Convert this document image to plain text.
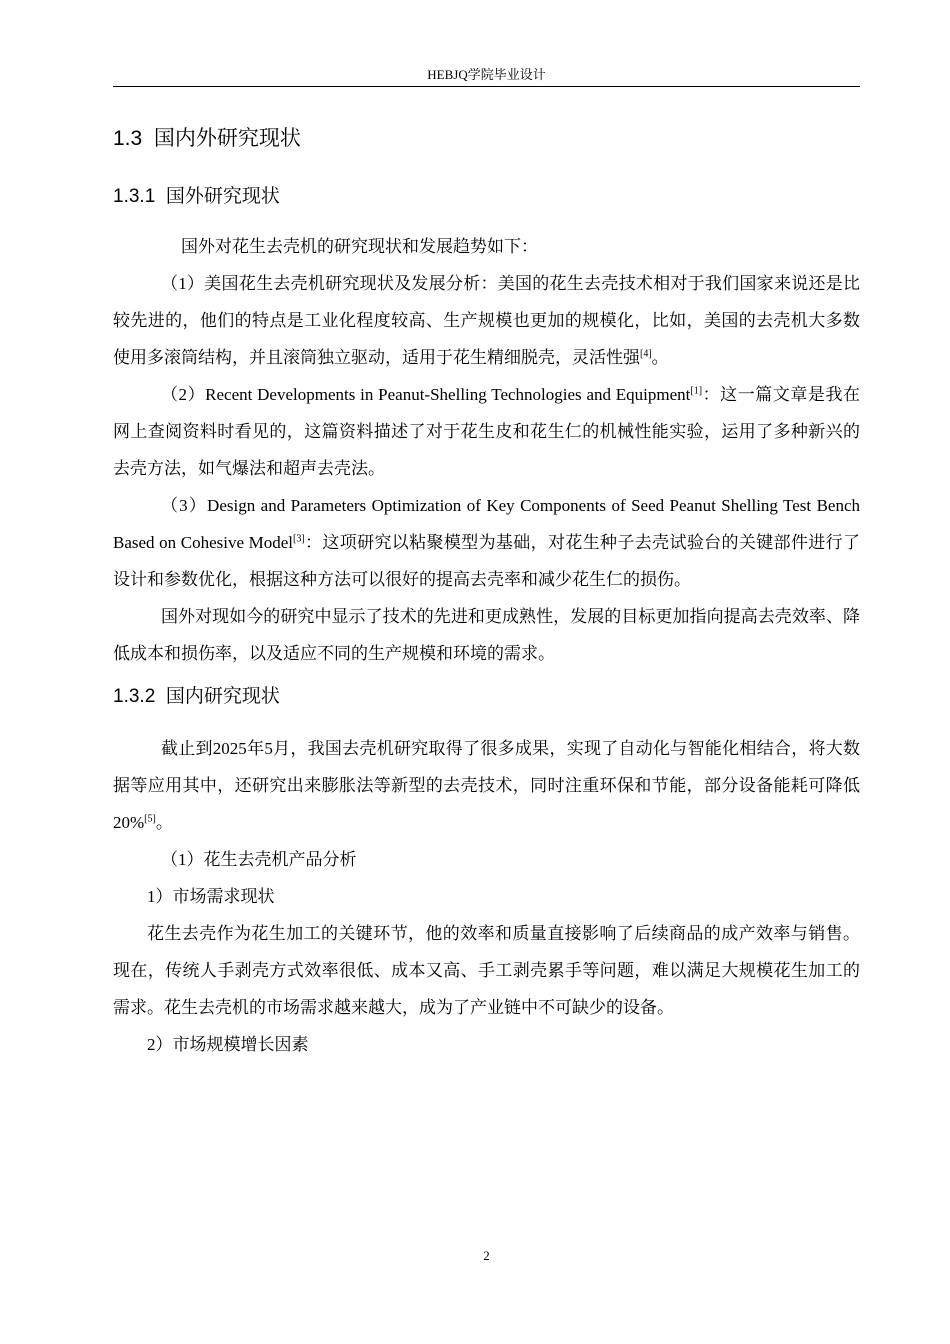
HEBJQ学院毕业设计
1.3 国内外研究现状
1.3.1 国外研究现状

国外对花生去壳机的研究现状和发展趋势如下：

（1）美国花生去壳机研究现状及发展分析：美国的花生去壳技术相对于我们国家来说还是比较先进的，他们的特点是工业化程度较高、生产规模也更加的规模化，比如，美国的去壳机大多数使用多滚筒结构，并且滚筒独立驱动，适用于花生精细脱壳，灵活性强[4]。

（2）Recent Developments in Peanut-Shelling Technologies and Equipment[1]：这一篇文章是我在网上查阅资料时看见的，这篇资料描述了对于花生皮和花生仁的机械性能实验，运用了多种新兴的去壳方法，如气爆法和超声去壳法。

（3）Design and Parameters Optimization of Key Components of Seed Peanut Shelling Test Bench Based on Cohesive Model[3]：这项研究以粘聚模型为基础，对花生种子去壳试验台的关键部件进行了设计和参数优化，根据这种方法可以很好的提高去壳率和减少花生仁的损伤。

国外对现如今的研究中显示了技术的先进和更成熟性，发展的目标更加指向提高去壳效率、降低成本和损伤率，以及适应不同的生产规模和环境的需求。

1.3.2 国内研究现状

截止到2025年5月，我国去壳机研究取得了很多成果，实现了自动化与智能化相结合，将大数据等应用其中，还研究出来膨胀法等新型的去壳技术，同时注重环保和节能，部分设备能耗可降低20%[5]。

（1）花生去壳机产品分析

1）市场需求现状

花生去壳作为花生加工的关键环节，他的效率和质量直接影响了后续商品的成产效率与销售。现在，传统人手剥壳方式效率很低、成本又高、手工剥壳累手等问题，难以满足大规模花生加工的需求。花生去壳机的市场需求越来越大，成为了产业链中不可缺少的设备。

2）市场规模增长因素

2
